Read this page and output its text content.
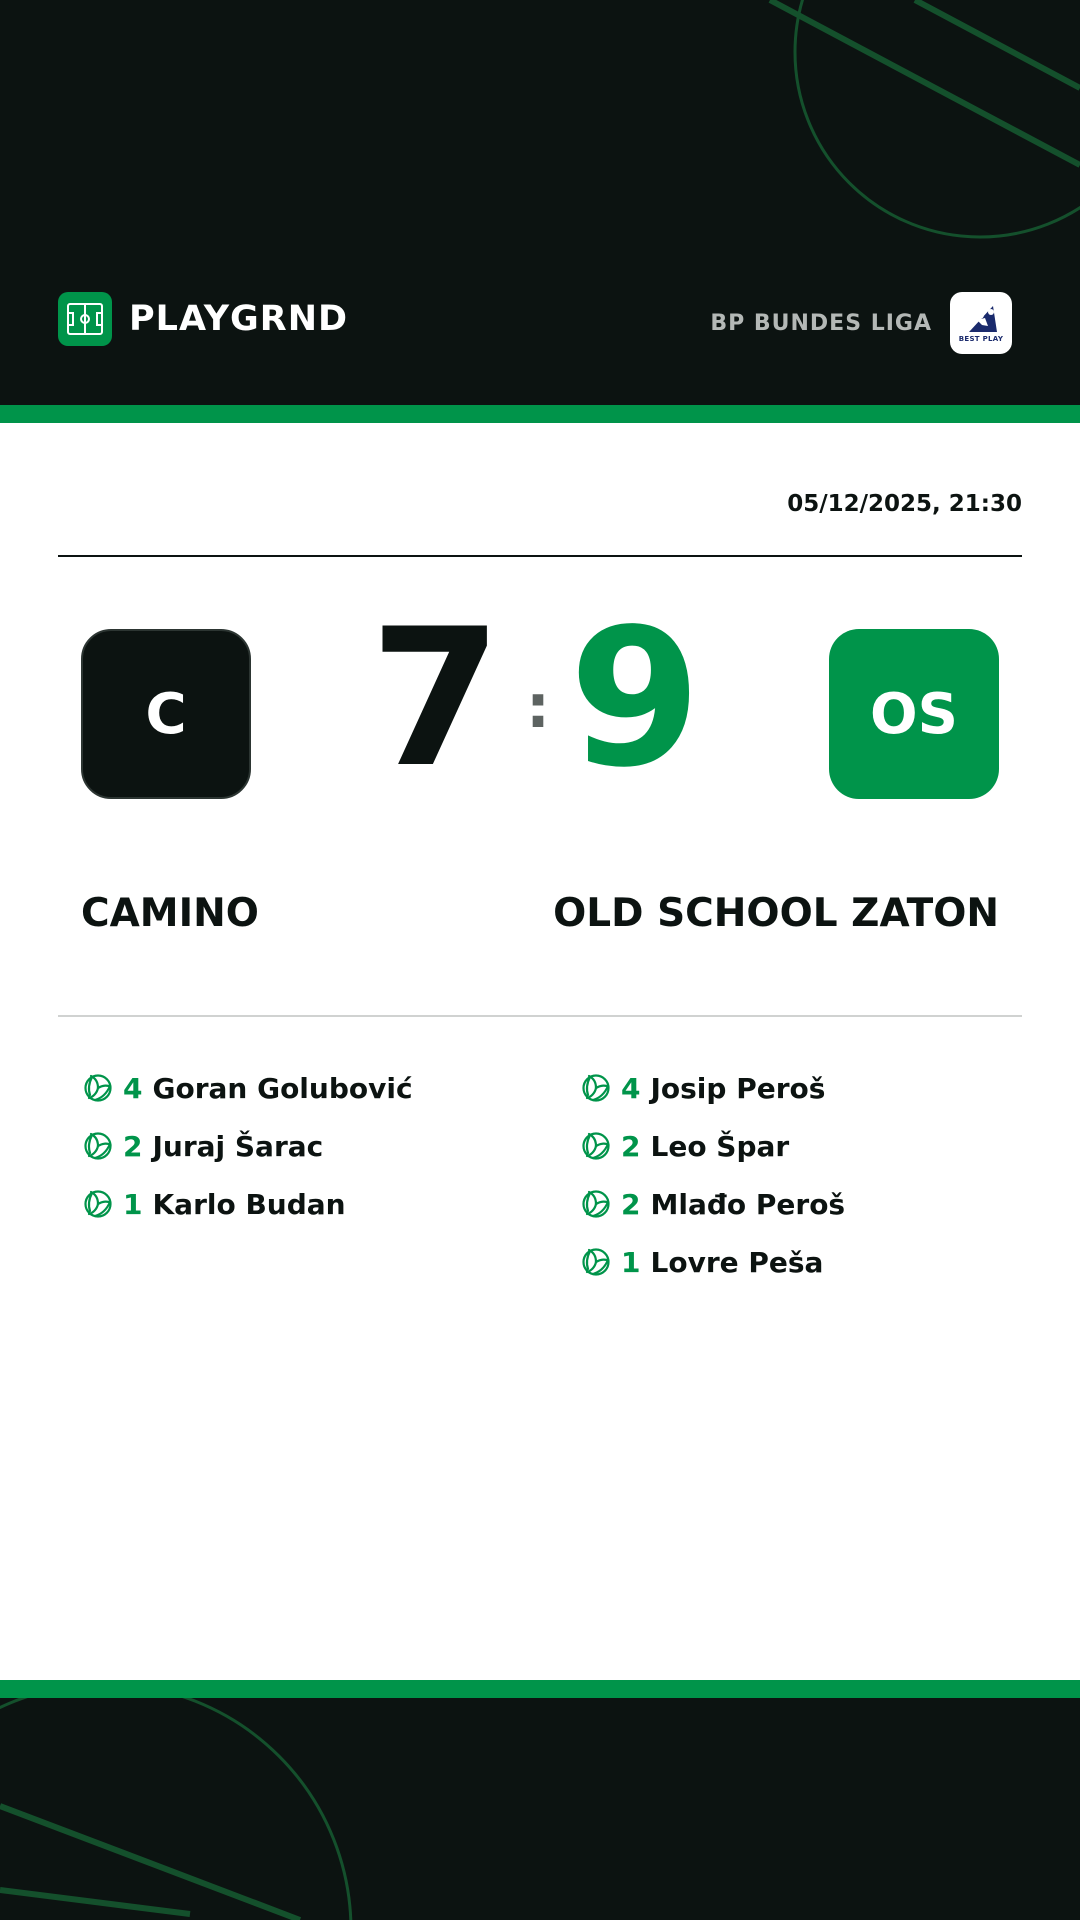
PLAYGRND	BP BUNDES LIGA
BEST PLAY
05/12/2025, 21:30
C 7 : 9	OS
CAMINO	OLD SCHOOL ZATON
4 Goran Golubović
2 Juraj Šarac
1 Karlo Budan
4 Josip Peroš
2 Leo Špar
2 Mlađo Peroš
1 Lovre Peša
